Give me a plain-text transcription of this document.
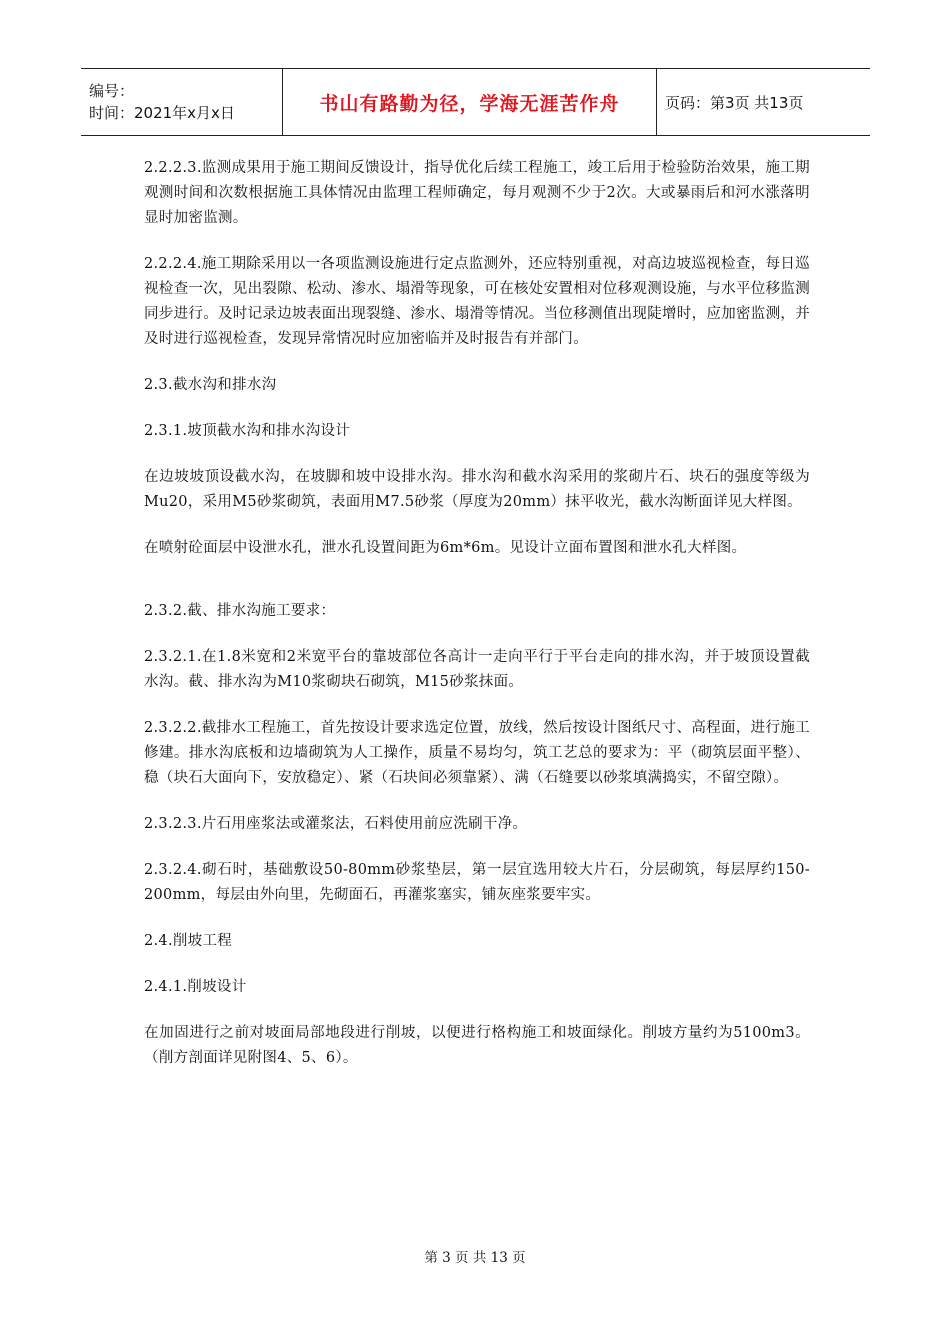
编号：
时间：2021年x月x日	书山有路勤为径，学海无涯苦作舟	页码：第3页 共13页

2.2.2.3.监测成果用于施工期间反馈设计，指导优化后续工程施工，竣工后用于检验防治效果，施工期观测时间和次数根据施工具体情况由监理工程师确定，每月观测不少于2次。大或暴雨后和河水涨落明显时加密监测。

2.2.2.4.施工期除采用以一各项监测设施进行定点监测外，还应特别重视，对高边坡巡视检查，每日巡视检查一次，见出裂隙、松动、渗水、塌滑等现象，可在核处安置相对位移观测设施，与水平位移监测同步进行。及时记录边坡表面出现裂缝、渗水、塌滑等情况。当位移测值出现陡增时，应加密监测，并及时进行巡视检查，发现异常情况时应加密临并及时报告有并部门。

2.3.截水沟和排水沟

2.3.1.坡顶截水沟和排水沟设计

在边坡坡顶设截水沟，在坡脚和坡中设排水沟。排水沟和截水沟采用的浆砌片石、块石的强度等级为Mu20，采用M5砂浆砌筑，表面用M7.5砂浆（厚度为20mm）抹平收光，截水沟断面详见大样图。

在喷射砼面层中设泄水孔，泄水孔设置间距为6m*6m。见设计立面布置图和泄水孔大样图。

2.3.2.截、排水沟施工要求：

2.3.2.1.在1.8米宽和2米宽平台的靠坡部位各高计一走向平行于平台走向的排水沟，并于坡顶设置截水沟。截、排水沟为M10浆砌块石砌筑，M15砂浆抹面。

2.3.2.2.截排水工程施工，首先按设计要求选定位置，放线，然后按设计图纸尺寸、高程面，进行施工修建。排水沟底板和边墙砌筑为人工操作，质量不易均匀，筑工艺总的要求为：平（砌筑层面平整）、稳（块石大面向下，安放稳定）、紧（石块间必须靠紧）、满（石缝要以砂浆填满捣实，不留空隙）。

2.3.2.3.片石用座浆法或灌浆法，石料使用前应洗刷干净。

2.3.2.4.砌石时，基础敷设50-80mm砂浆垫层，第一层宜选用较大片石，分层砌筑，每层厚约150-200mm，每层由外向里，先砌面石，再灌浆塞实，铺灰座浆要牢实。

2.4.削坡工程

2.4.1.削坡设计

在加固进行之前对坡面局部地段进行削坡，以便进行格构施工和坡面绿化。削坡方量约为5100m3。（削方剖面详见附图4、5、6）。

第 3 页 共 13 页
